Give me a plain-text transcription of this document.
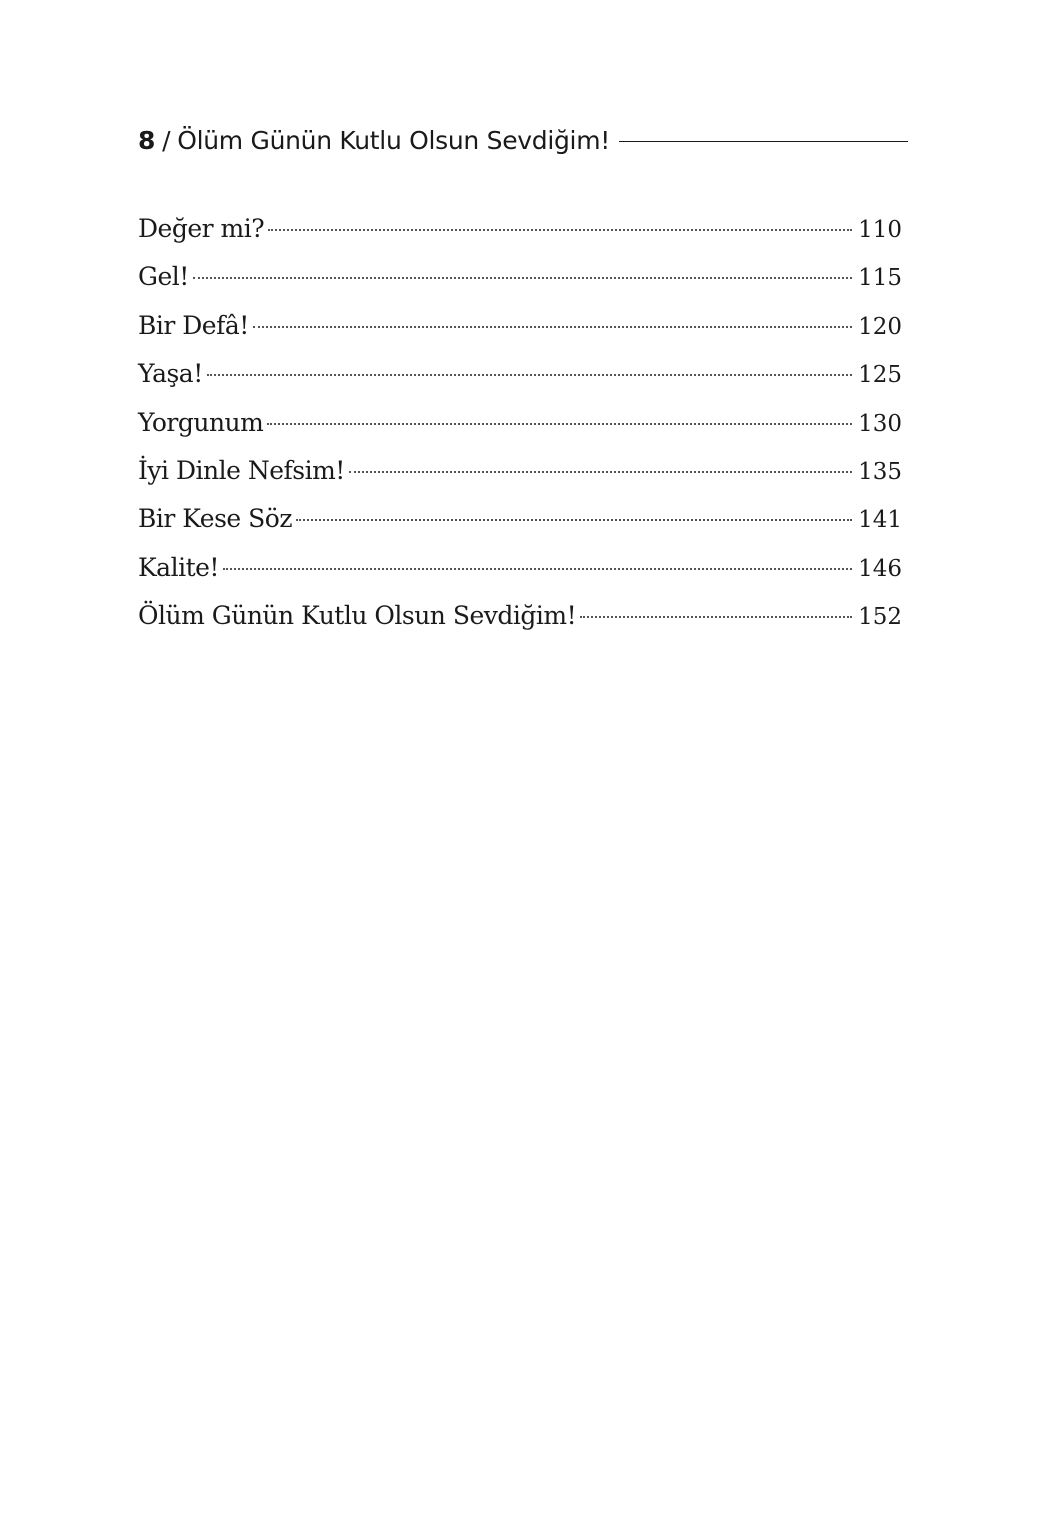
8 / Ölüm Günün Kutlu Olsun Sevdiğim!
Değer mi?	110
Gel!	115
Bir Defâ!	120
Yaşa!	125
Yorgunum	130
İyi Dinle Nefsim!	135
Bir Kese Söz	141
Kalite!	146
Ölüm Günün Kutlu Olsun Sevdiğim!	152
